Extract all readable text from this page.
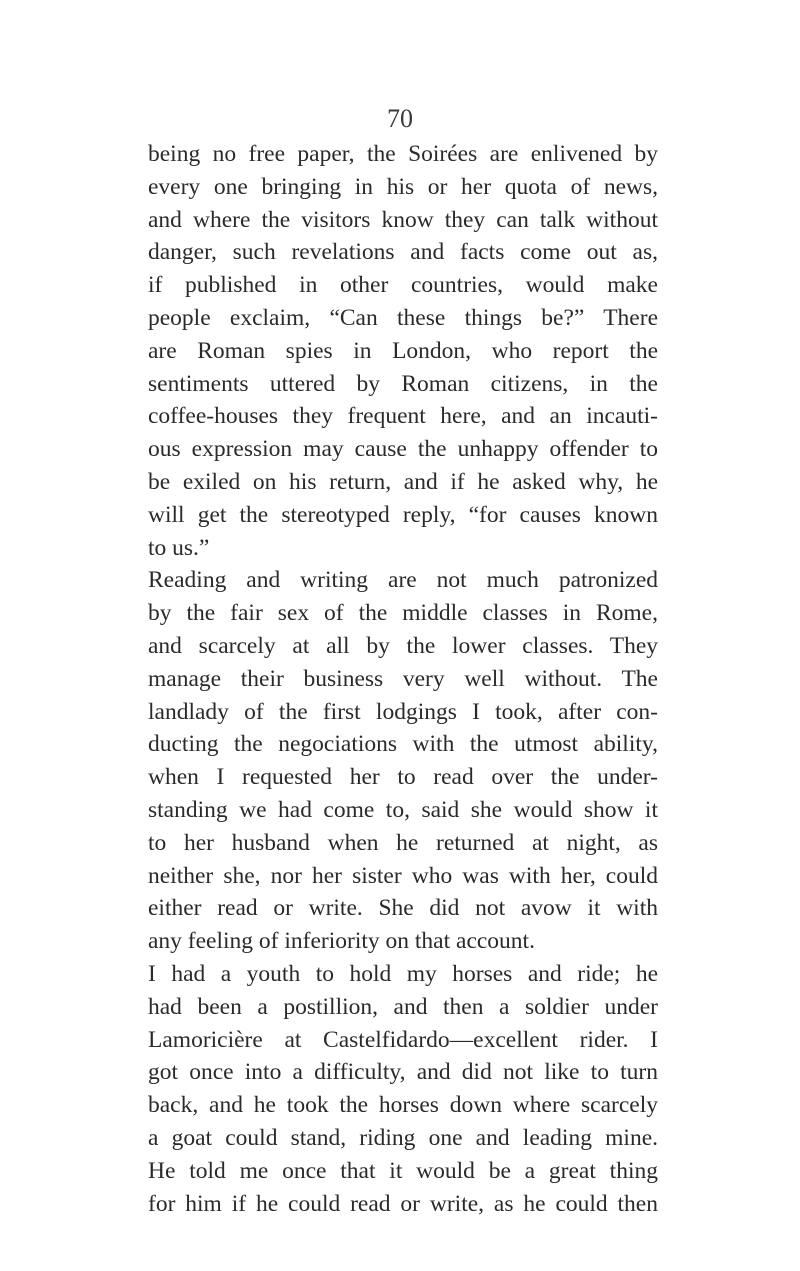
70
being no free paper, the Soirées are enlivened by
every one bringing in his or her quota of news,
and where the visitors know they can talk without
danger, such revelations and facts come out as,
if published in other countries, would make
people exclaim, “Can these things be?” There
are Roman spies in London, who report the
sentiments uttered by Roman citizens, in the
coffee-houses they frequent here, and an incauti-
ous expression may cause the unhappy offender to
be exiled on his return, and if he asked why, he
will get the stereotyped reply, “for causes known
to us.”
Reading and writing are not much patronized
by the fair sex of the middle classes in Rome,
and scarcely at all by the lower classes. They
manage their business very well without. The
landlady of the first lodgings I took, after con-
ducting the negociations with the utmost ability,
when I requested her to read over the under-
standing we had come to, said she would show it
to her husband when he returned at night, as
neither she, nor her sister who was with her, could
either read or write. She did not avow it with
any feeling of inferiority on that account.
I had a youth to hold my horses and ride; he
had been a postillion, and then a soldier under
Lamoricière at Castelfidardo—excellent rider. I
got once into a difficulty, and did not like to turn
back, and he took the horses down where scarcely
a goat could stand, riding one and leading mine.
He told me once that it would be a great thing
for him if he could read or write, as he could then
